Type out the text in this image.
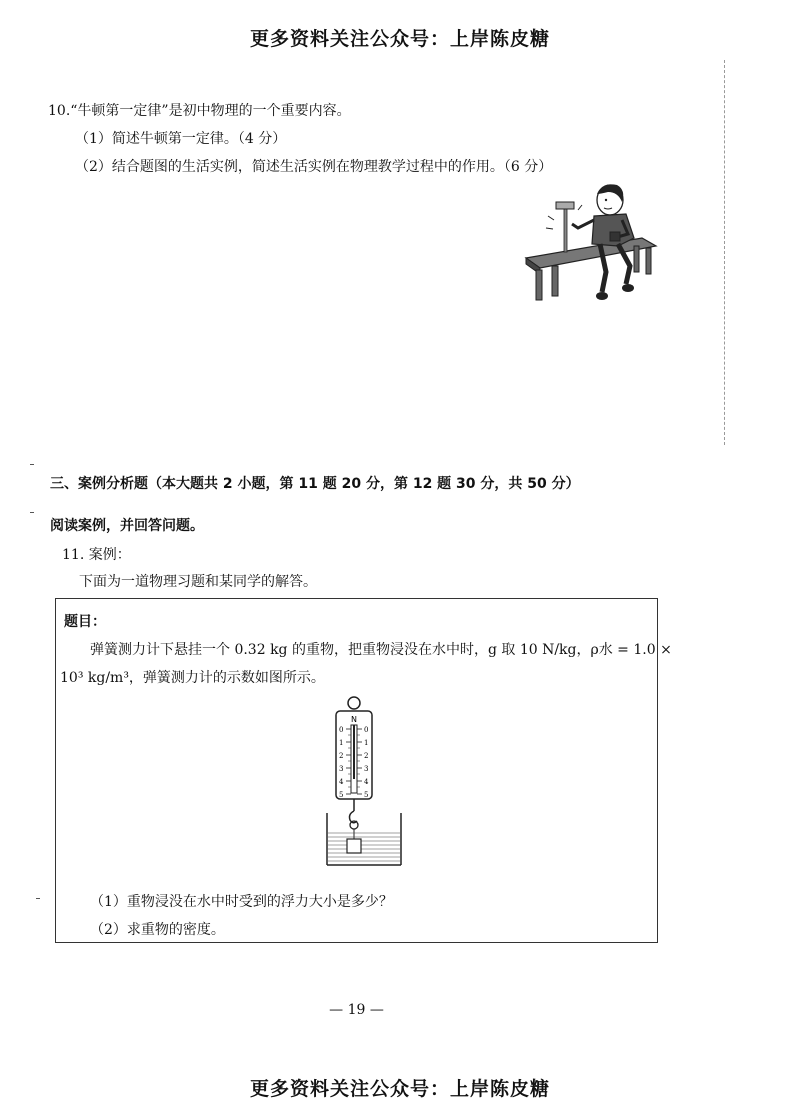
更多资料关注公众号：上岸陈皮糖
10.“牛顿第一定律”是初中物理的一个重要内容。
（1）简述牛顿第一定律。（4 分）
（2）结合题图的生活实例，简述生活实例在物理教学过程中的作用。（6 分）
三、案例分析题（本大题共 2 小题，第 11 题 20 分，第 12 题 30 分，共 50 分）
阅读案例，并回答问题。
11. 案例：
下面为一道物理习题和某同学的解答。
题目：
弹簧测力计下悬挂一个 0.32 kg 的重物，把重物浸没在水中时，g 取 10 N/kg，ρ水 = 1.0 ×
10³ kg/m³，弹簧测力计的示数如图所示。
N
0	0
1	1
2	2
3	3
4	4
5	5
（1）重物浸没在水中时受到的浮力大小是多少？
（2）求重物的密度。
— 19 —
更多资料关注公众号：上岸陈皮糖
